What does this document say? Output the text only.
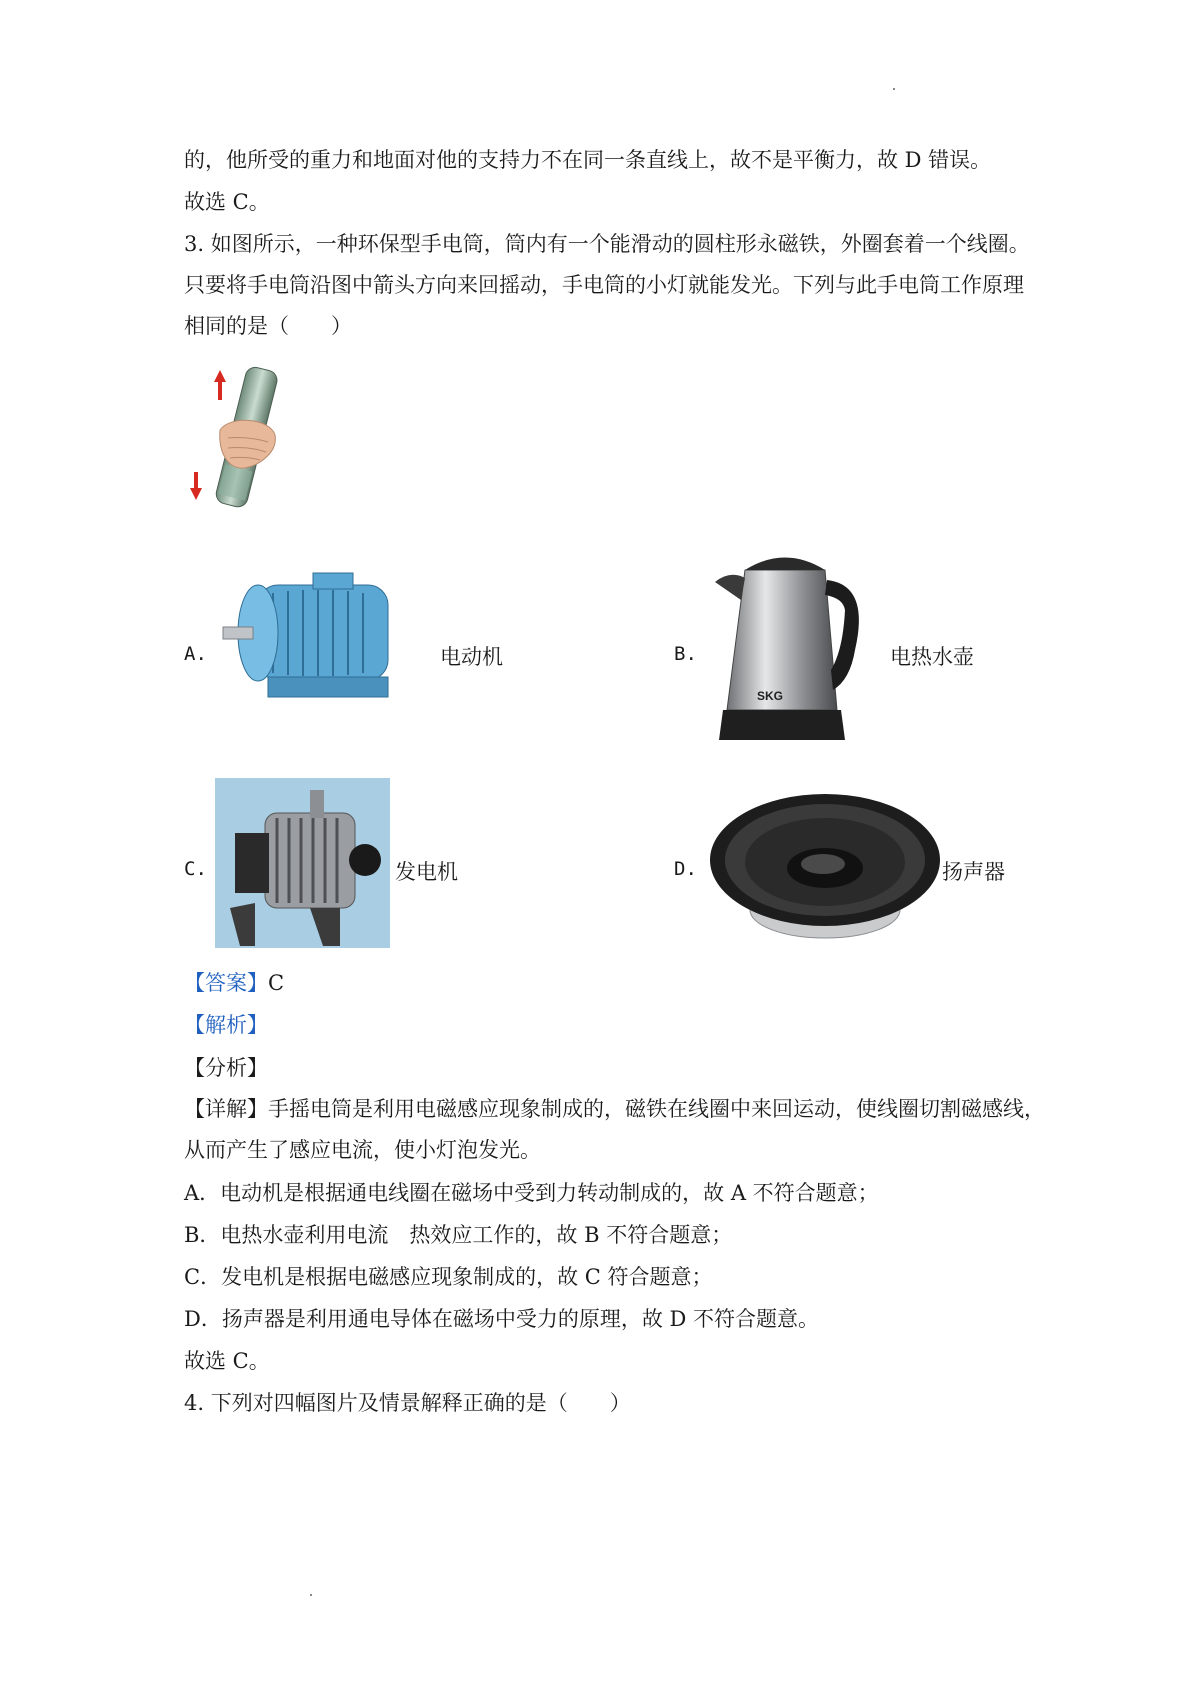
的，他所受的重力和地面对他的支持力不在同一条直线上，故不是平衡力，故 D 错误。
故选 C。
3. 如图所示，一种环保型手电筒，筒内有一个能滑动的圆柱形永磁铁，外圈套着一个线圈。
只要将手电筒沿图中箭头方向来回摇动，手电筒的小灯就能发光。下列与此手电筒工作原理
相同的是（　　）
A.	电动机	B.
SKG
电热水壶
C.	发电机	D.	扬声器
【答案】C
【解析】
【分析】
【详解】手摇电筒是利用电磁感应现象制成的，磁铁在线圈中来回运动，使线圈切割磁感线，
从而产生了感应电流，使小灯泡发光。
A．电动机是根据通电线圈在磁场中受到力转动制成的，故 A 不符合题意；
B．电热水壶利用电流　热效应工作的，故 B 不符合题意；
C．发电机是根据电磁感应现象制成的，故 C 符合题意；
D．扬声器是利用通电导体在磁场中受力的原理，故 D 不符合题意。
故选 C。
4. 下列对四幅图片及情景解释正确的是（　　）
